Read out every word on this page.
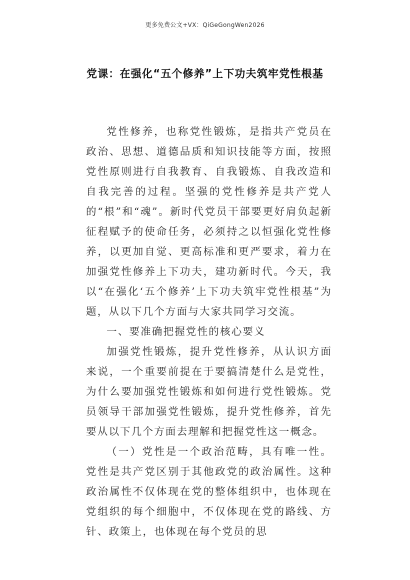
更多免费公文+VX：QiGeGongWen2026
党课：在强化“五个修养”上下功夫筑牢党性根基

党性修养，也称党性锻炼，是指共产党员在政治、思想、道德品质和知识技能等方面，按照党性原则进行自我教育、自我锻炼、自我改造和自我完善的过程。坚强的党性修养是共产党人的“根”和“魂”。新时代党员干部要更好肩负起新征程赋予的使命任务，必须持之以恒强化党性修养，以更加自觉、更高标准和更严要求，着力在加强党性修养上下功夫，建功新时代。今天，我以“在强化‘五个修养’上下功夫筑牢党性根基”为题，从以下几个方面与大家共同学习交流。

一、要准确把握党性的核心要义

加强党性锻炼，提升党性修养，从认识方面来说，一个重要前提在于要搞清楚什么是党性，为什么要加强党性锻炼和如何进行党性锻炼。党员领导干部加强党性锻炼，提升党性修养，首先要从以下几个方面去理解和把握党性这一概念。

（一）党性是一个政治范畴，具有唯一性。党性是共产党区别于其他政党的政治属性。这种政治属性不仅体现在党的整体组织中，也体现在党组织的每个细胞中，不仅体现在党的路线、方针、政策上，也体现在每个党员的思
